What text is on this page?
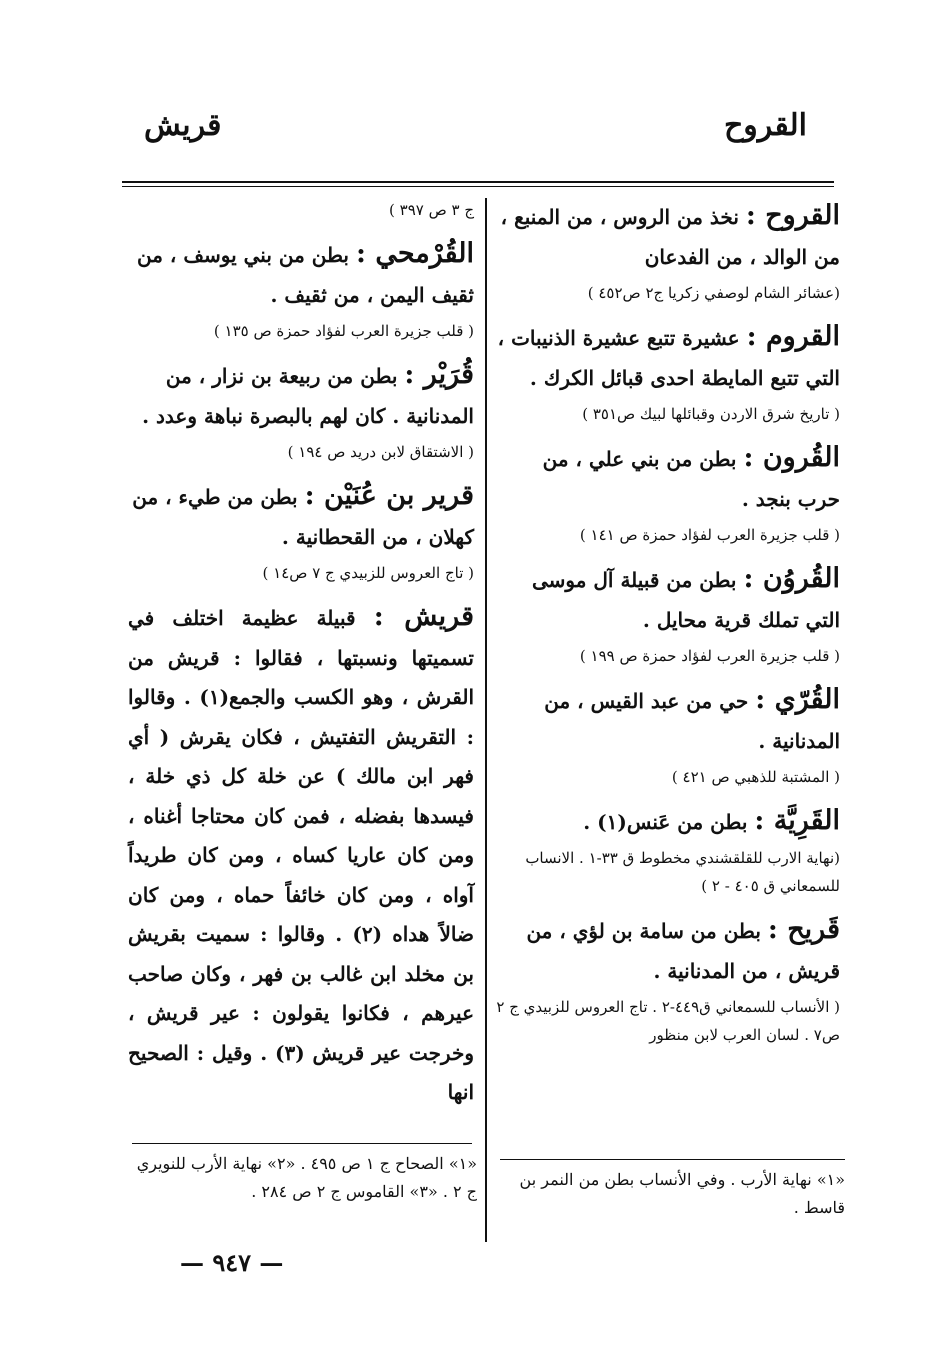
القروح
قريش

القروح : نخذ من الروس ، من المنبع ، من الوالد ، من الفدعان

(عشائر الشام لوصفي زكريا ج٢ ص٤٥٢ )

القروم : عشيرة تتبع عشيرة الذنيبات ، التي تتبع المايطة احدى قبائل الكرك .

( تاريخ شرق الاردن وقبائلها لبيك ص٣٥١ )

القُرون : بطن من بني علي ، من حرب بنجد .

( قلب جزيرة العرب لفؤاد حمزة ص ١٤١ )

القُروُن : بطن من قبيلة آل موسى التي تملك قرية محايل .

( قلب جزيرة العرب لفؤاد حمزة ص ١٩٩ )

القُرّي : حي من عبد القيس ، من المدنانية .

( المشتبة للذهبي ص ٤٢١ )

القَرِيَّة : بطن من عَنس(١) .

(نهاية الارب للقلقشندي مخطوط ق ٣٣-١ . الانساب للسمعاني ق ٤٠٥ - ٢ )

قَريح : بطن من سامة بن لؤي ، من قريش ، من المدنانية .

( الأنساب للسمعاني ق٤٤٩-٢ . تاج العروس للزبيدي ج ٢ ص٧ . لسان العرب لابن منظور

ج ٣ ص ٣٩٧ )

القُرْمحي : بطن من بني يوسف ، من ثقيف اليمن ، من ثقيف .

( قلب جزيرة العرب لفؤاد حمزة ص ١٣٥ )

قُرَيْر : بطن من ربيعة بن نزار ، من المدنانية . كان لهم بالبصرة نباهة وعدد .

( الاشتقاق لابن دريد ص ١٩٤ )

قرير بن عُنَيْن : بطن من طيء ، من كهلان ، من القحطانية .

( تاج العروس للزبيدي ج ٧ ص١٤ )

قريش : قبيلة عظيمة اختلف في تسميتها ونسبتها ، فقالوا : قريش من القرش ، وهو الكسب والجمع(١) . وقالوا : التقريش التفتيش ، فكان يقرش ( أي فهر ابن مالك ) عن خلة كل ذي خلة ، فيسدها بفضله ، فمن كان محتاجا أغناه ، ومن كان عاريا كساه ، ومن كان طريداً آواه ، ومن كان خائفاً حماه ، ومن كان ضالاً هداه (٢) . وقالوا : سميت بقريش بن مخلد ابن غالب بن فهر ، وكان صاحب عيرهم ، فكانوا يقولون : عير قريش ، وخرجت عير قريش (٣) . وقيل : الصحيح انها

«١» نهاية الأرب . وفي الأنساب بطن من النمر بن قاسط .
«١» الصحاح ج ١ ص ٤٩٥ . «٢» نهاية الأرب للنويري ج ٢ . «٣» القاموس ج ٢ ص ٢٨٤ .
— ٩٤٧ —
